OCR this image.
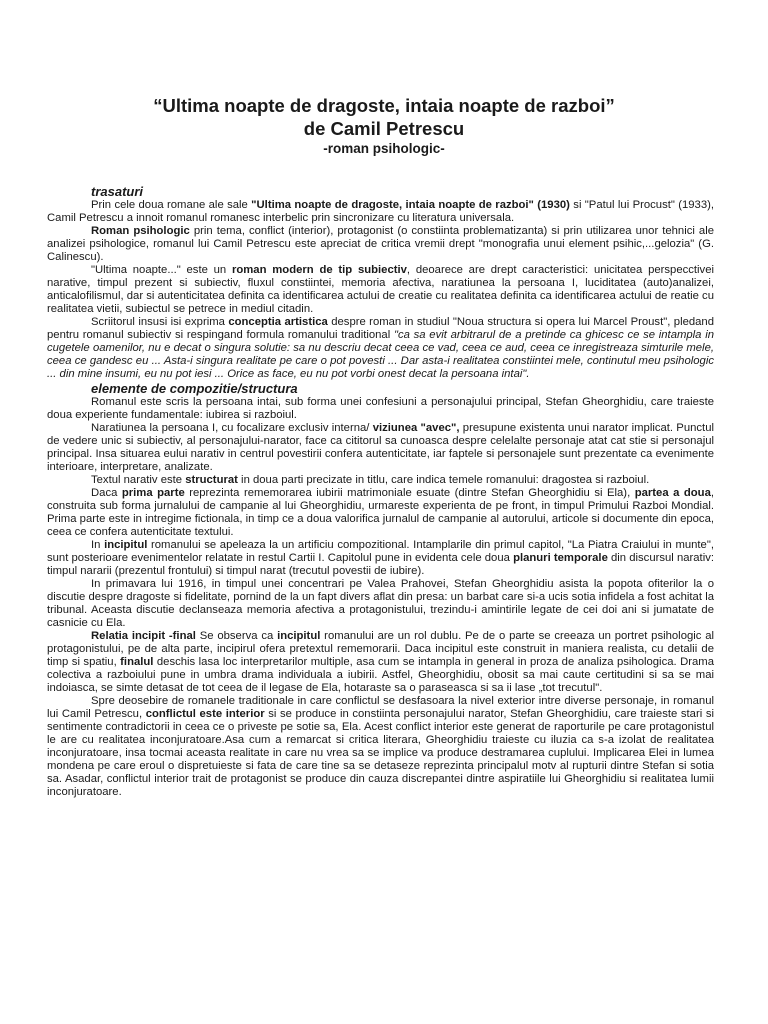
“Ultima noapte de dragoste, intaia noapte de razboi”

de Camil Petrescu

-roman psihologic-

trasaturi

Prin cele doua romane ale sale "Ultima noapte de dragoste, intaia noapte de razboi" (1930) si "Patul lui Procust" (1933), Camil Petrescu a innoit romanul romanesc interbelic prin sincronizare cu literatura universala.

Roman psihologic prin tema, conflict (interior), protagonist (o constiinta problematizanta) si prin utilizarea unor tehnici ale analizei psihologice, romanul lui Camil Petrescu este apreciat de critica vremii drept "monografia unui element psihic,...gelozia" (G. Calinescu).

"Ultima noapte..." este un roman modern de tip subiectiv, deoarece are drept caracteristici: unicitatea perspecctivei narative, timpul prezent si subiectiv, fluxul constiintei, memoria afectiva, naratiunea la persoana I, luciditatea (auto)analizei, anticalofilismul, dar si autenticitatea definita ca identificarea actului de creatie cu realitatea definita ca identificarea actului de reatie cu realitatea vietii, subiectul se petrece in mediul citadin.

Scriitorul insusi isi exprima conceptia artistica despre roman in studiul "Noua structura si opera lui Marcel Proust", pledand pentru romanul subiectiv si respingand formula romanului traditional "ca sa evit arbitrarul de a pretinde ca ghicesc ce se intampla in cugetele oamenilor, nu e decat o singura solutie: sa nu descriu decat ceea ce vad, ceea ce aud, ceea ce inregistreaza simturile mele, ceea ce gandesc eu ... Asta-i singura realitate pe care o pot povesti ... Dar asta-i realitatea constiintei mele, continutul meu psihologic ... din mine insumi, eu nu pot iesi ... Orice as face, eu nu pot vorbi onest decat la persoana intai".

elemente de compozitie/structura

Romanul este scris la persoana intai, sub forma unei confesiuni a personajului principal, Stefan Gheorghidiu, care traieste doua experiente fundamentale: iubirea si razboiul.

Naratiunea la persoana I, cu focalizare exclusiv interna/ viziunea "avec", presupune existenta unui narator implicat. Punctul de vedere unic si subiectiv, al personajului-narator, face ca cititorul sa cunoasca despre celelalte personaje atat cat stie si personajul principal. Insa situarea eului narativ in centrul povestirii confera autenticitate, iar faptele si personajele sunt prezentate ca evenimente interioare, interpretare, analizate.

Textul narativ este structurat in doua parti precizate in titlu, care indica temele romanului: dragostea si razboiul.

Daca prima parte reprezinta rememorarea iubirii matrimoniale esuate (dintre Stefan Gheorghidiu si Ela), partea a doua, construita sub forma jurnalului de campanie al lui Gheorghidiu, urmareste experienta de pe front, in timpul Primului Razboi Mondial. Prima parte este in intregime fictionala, in timp ce a doua valorifica jurnalul de campanie al autorului, articole si documente din epoca, ceea ce confera autenticitate textului.

In incipitul romanului se apeleaza la un artificiu compozitional. Intamplarile din primul capitol, "La Piatra Craiului in munte", sunt posterioare evenimentelor relatate in restul Cartii I. Capitolul pune in evidenta cele doua planuri temporale din discursul narativ: timpul nararii (prezentul frontului) si timpul narat (trecutul povestii de iubire).

In primavara lui 1916, in timpul unei concentrari pe Valea Prahovei, Stefan Gheorghidiu asista la popota ofiterilor la o discutie despre dragoste si fidelitate, pornind de la un fapt divers aflat din presa: un barbat care si-a ucis sotia infidela a fost achitat la tribunal. Aceasta discutie declanseaza memoria afectiva a protagonistului, trezindu-i amintirile legate de cei doi ani si jumatate de casnicie cu Ela.

Relatia incipit -final Se observa ca incipitul romanului are un rol dublu. Pe de o parte se creeaza un portret psihologic al protagonistului, pe de alta parte, incipirul ofera pretextul rememorarii. Daca incipitul este construit in maniera realista, cu detalii de timp si spatiu, finalul deschis lasa loc interpretarilor multiple, asa cum se intampla in general in proza de analiza psihologica. Drama colectiva a razboiului pune in umbra drama individuala a iubirii. Astfel, Gheorghidiu, obosit sa mai caute certitudini si sa se mai indoiasca, se simte detasat de tot ceea de il legase de Ela, hotaraste sa o paraseasca si sa ii lase „tot trecutul".

Spre deosebire de romanele traditionale in care conflictul se desfasoara la nivel exterior intre diverse personaje, in romanul lui Camil Petrescu, conflictul este interior si se produce in constiinta personajului narator, Stefan Gheorghidiu, care traieste stari si sentimente contradictorii in ceea ce o priveste pe sotie sa, Ela. Acest conflict interior este generat de raporturile pe care protagonistul le are cu realitatea inconjuratoare.Asa cum a remarcat si critica literara, Gheorghidiu traieste cu iluzia ca s-a izolat de realitatea inconjuratoare, insa tocmai aceasta realitate in care nu vrea sa se implice va produce destramarea cuplului. Implicarea Elei in lumea mondena pe care eroul o dispretuieste si fata de care tine sa se detaseze reprezinta principalul motv al rupturii dintre Stefan si sotia sa. Asadar, conflictul interior trait de protagonist se produce din cauza discrepantei dintre aspiratiile lui Gheorghidiu si realitatea lumii inconjuratoare.
